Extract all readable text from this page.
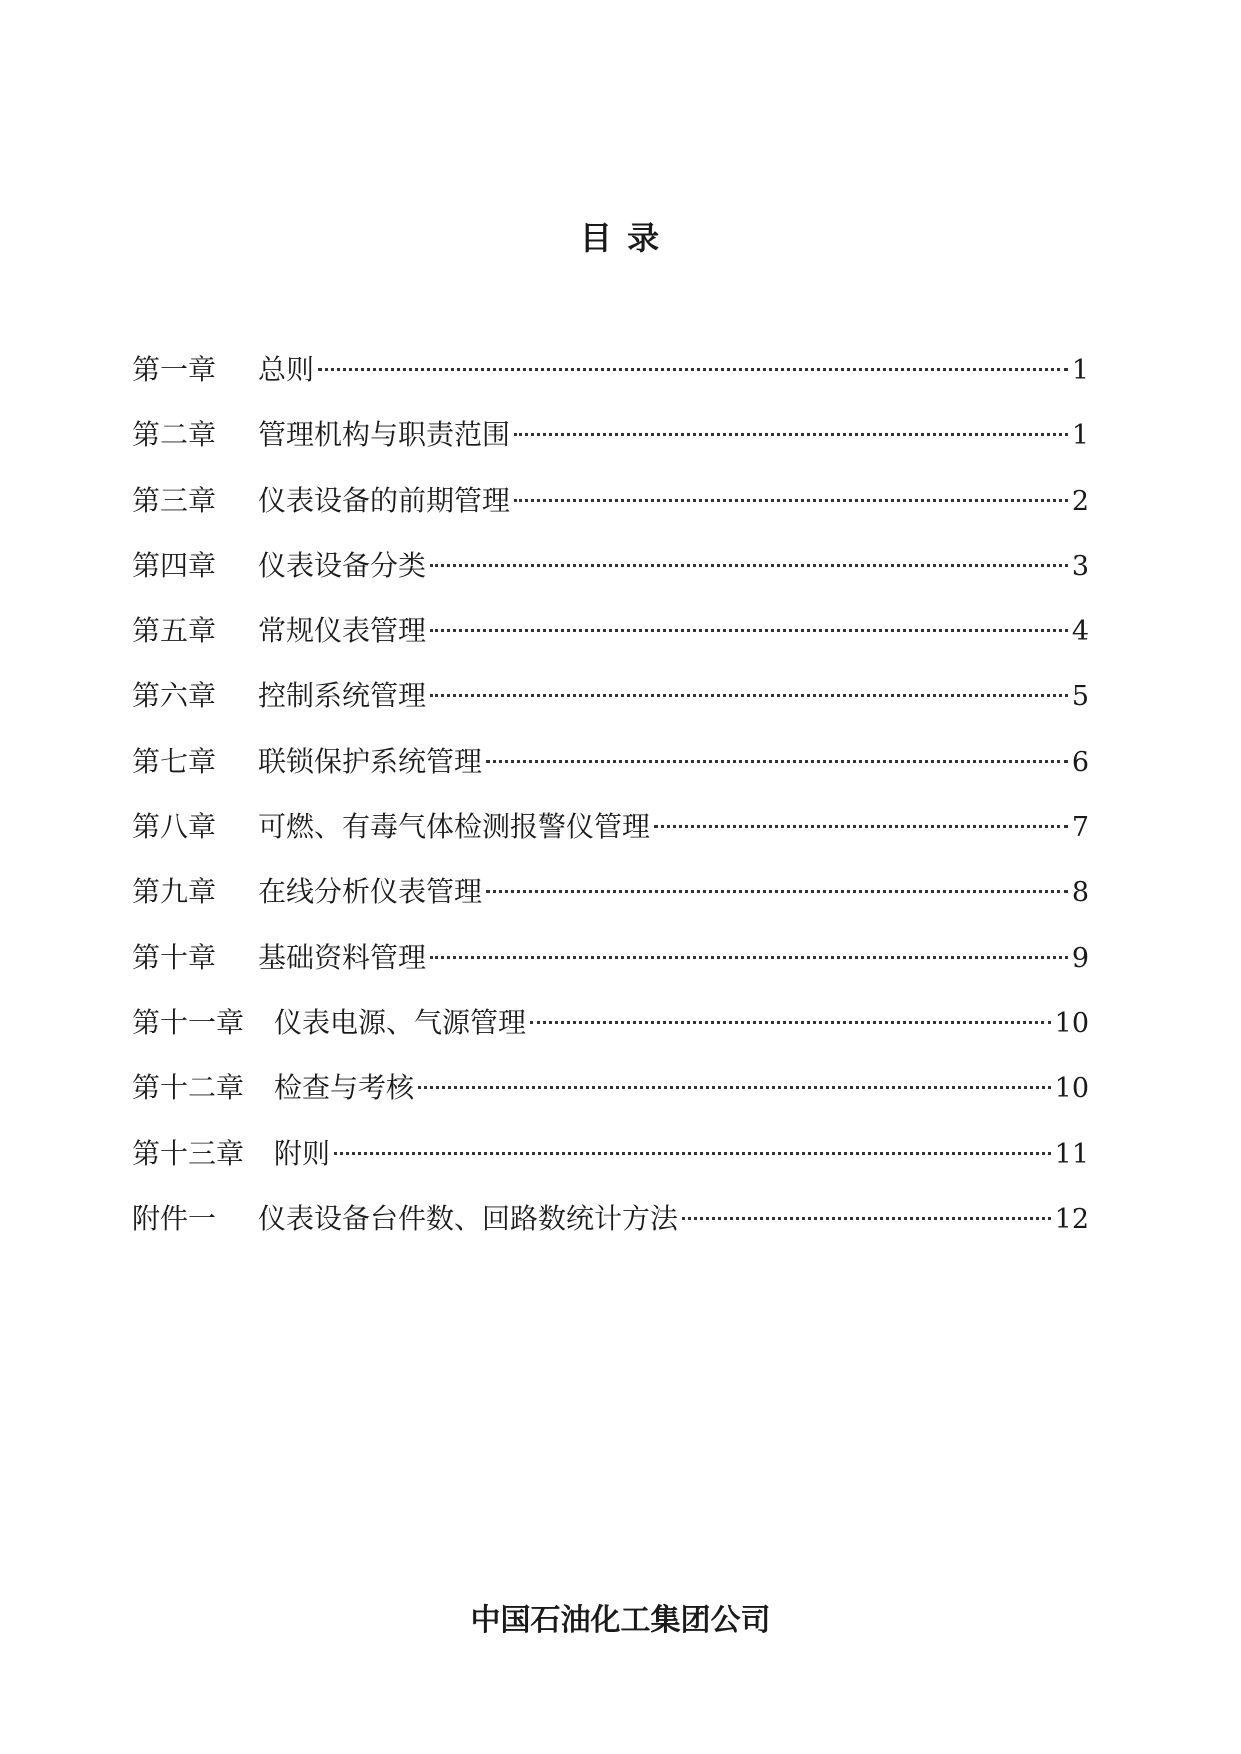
目 录
第一章	总则	1
第二章	管理机构与职责范围	1
第三章	仪表设备的前期管理	2
第四章	仪表设备分类	3
第五章	常规仪表管理	4
第六章	控制系统管理	5
第七章	联锁保护系统管理	6
第八章	可燃、有毒气体检测报警仪管理	7
第九章	在线分析仪表管理	8
第十章	基础资料管理	9
第十一章	仪表电源、气源管理	10
第十二章	检查与考核	10
第十三章	附则	11
附件一	仪表设备台件数、回路数统计方法	12
中国石油化工集团公司
